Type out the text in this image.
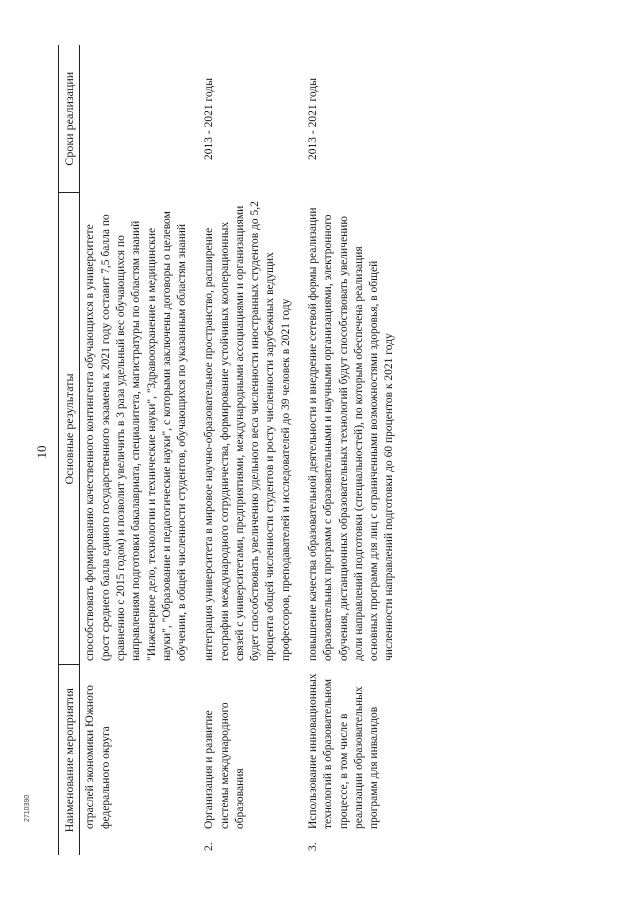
10
Наименование мероприятия		Основные результаты	Сроки реализации
	отраслей экономики Южного федерального округа	способствовать формированию качественного контингента обучающихся в университете (рост среднего балла единого государственного экзамена к 2021 году составит 7,5 балла по сравнению с 2015 годом) и позволит увеличить в 3 раза удельный вес обучающихся по направлениям подготовки бакалавриата, специалитета, магистратуры по областям знаний "Инженерное дело, технологии и технические науки", "Здравоохранение и медицинские науки", "Образование и педагогические науки", с которыми заключены договоры о целевом обучении, в общей численности студентов, обучающихся по указанным областям знаний	
2.	Организация и развитие системы международного образования	интеграция университета в мировое научно-образовательное пространство, расширение географии международного сотрудничества, формирование устойчивых кооперационных связей с университетами, предприятиями, международными ассоциациями и организациями будет способствовать увеличению удельного веса численности иностранных студентов до 5,2 процента общей численности студентов и росту численности зарубежных ведущих профессоров, преподавателей и исследователей до 39 человек в 2021 году	2013 - 2021 годы
3.	Использование инновационных технологий в образовательном процессе, в том числе в реализации образовательных программ для инвалидов	повышение качества образовательной деятельности и внедрение сетевой формы реализации образовательных программ с образовательными и научными организациями, электронного обучения, дистанционных образовательных технологий будут способствовать увеличению доли направлений подготовки (специальностей), по которым обеспечена реализация основных программ для лиц с ограниченными возможностями здоровья, в общей численности направлений подготовки до 60 процентов к 2021 году	2013 - 2021 годы
2710390
